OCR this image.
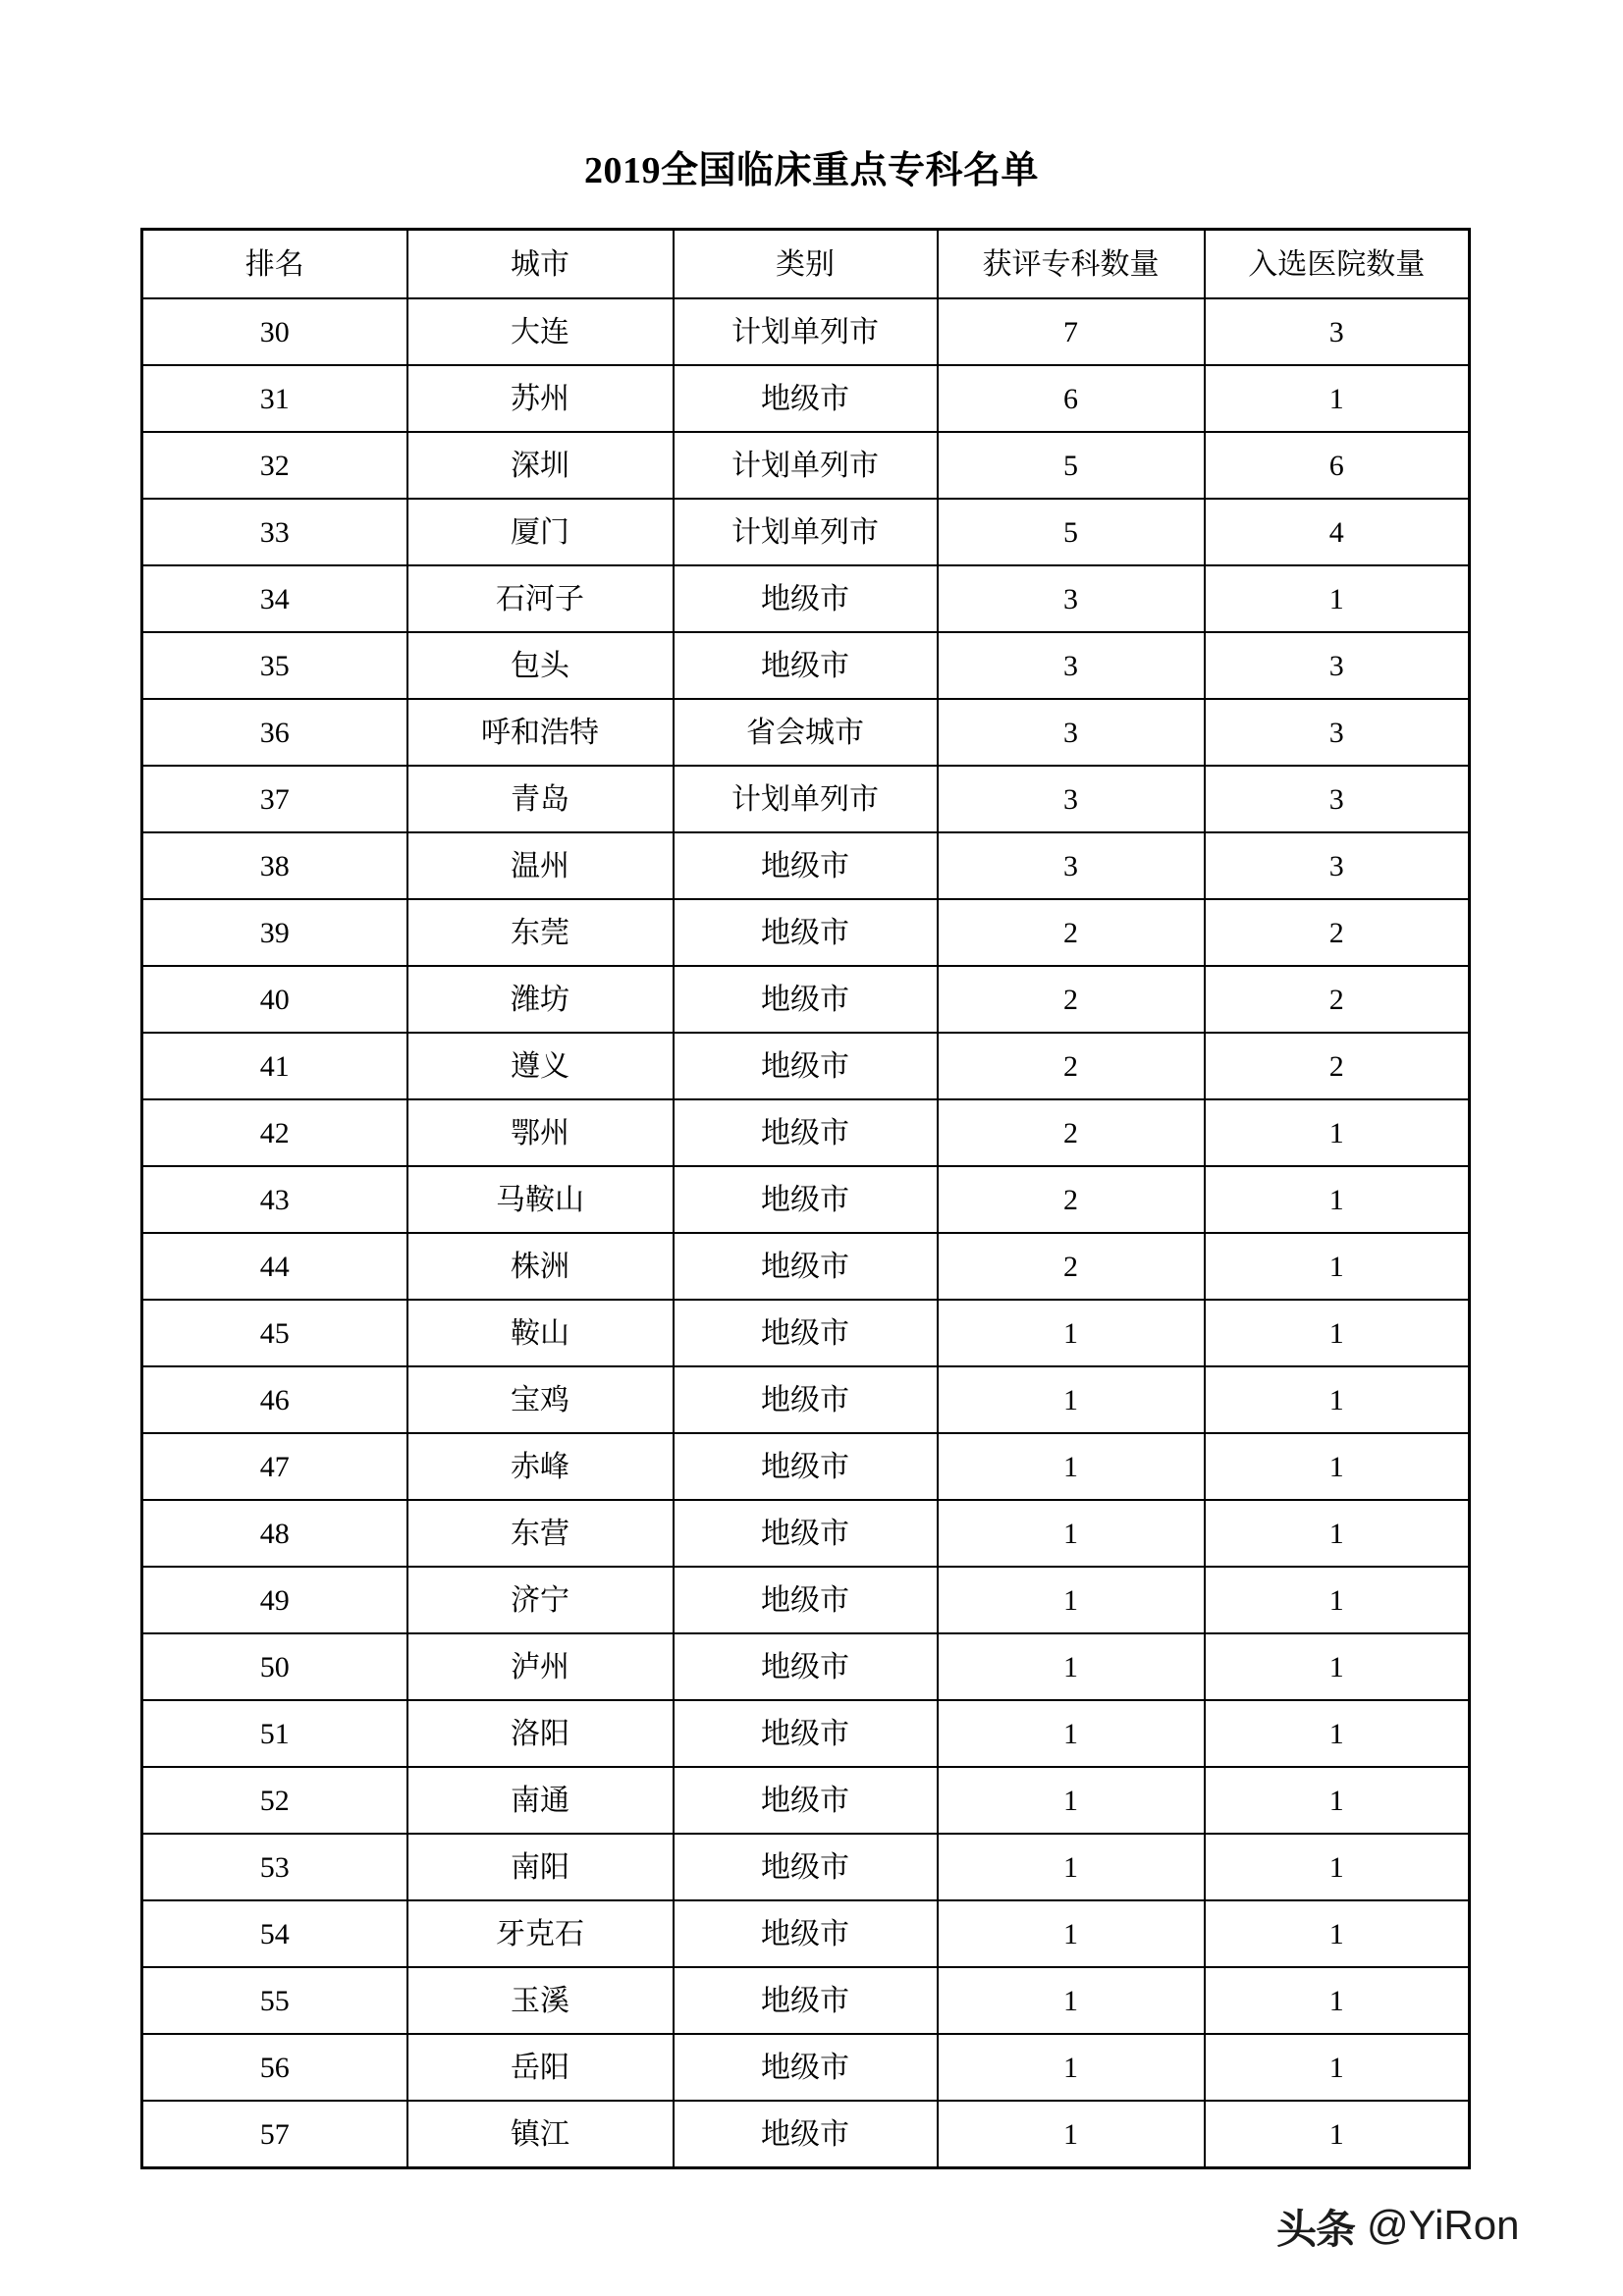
2019全国临床重点专科名单
排名	城市	类别	获评专科数量	入选医院数量
30	大连	计划单列市	7	3
31	苏州	地级市	6	1
32	深圳	计划单列市	5	6
33	厦门	计划单列市	5	4
34	石河子	地级市	3	1
35	包头	地级市	3	3
36	呼和浩特	省会城市	3	3
37	青岛	计划单列市	3	3
38	温州	地级市	3	3
39	东莞	地级市	2	2
40	潍坊	地级市	2	2
41	遵义	地级市	2	2
42	鄂州	地级市	2	1
43	马鞍山	地级市	2	1
44	株洲	地级市	2	1
45	鞍山	地级市	1	1
46	宝鸡	地级市	1	1
47	赤峰	地级市	1	1
48	东营	地级市	1	1
49	济宁	地级市	1	1
50	泸州	地级市	1	1
51	洛阳	地级市	1	1
52	南通	地级市	1	1
53	南阳	地级市	1	1
54	牙克石	地级市	1	1
55	玉溪	地级市	1	1
56	岳阳	地级市	1	1
57	镇江	地级市	1	1
头条 @YiRon
